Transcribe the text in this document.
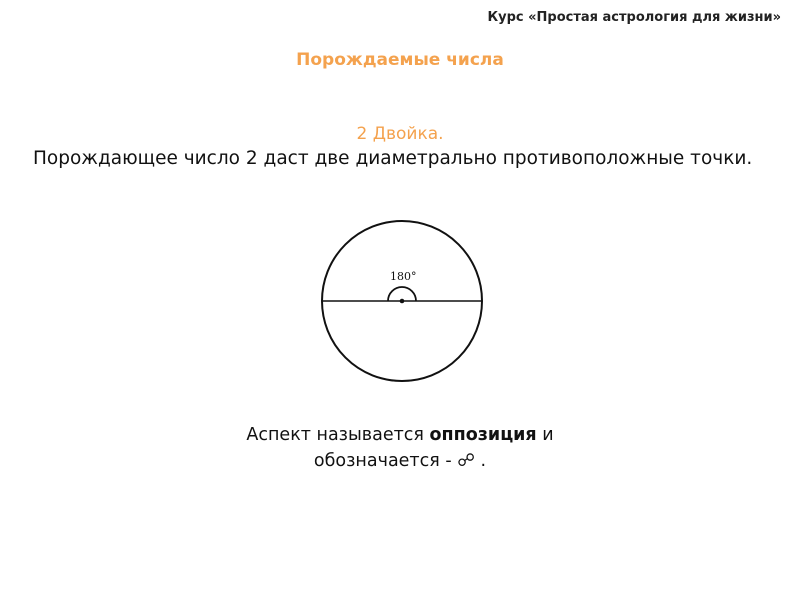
Курс «Простая астрология для жизни»
Порождаемые числа
2 Двойка.
Порождающее число 2 даст две диаметрально противоположные точки.
180°
Аспект называется оппозиция и
обозначается - ☍ .
